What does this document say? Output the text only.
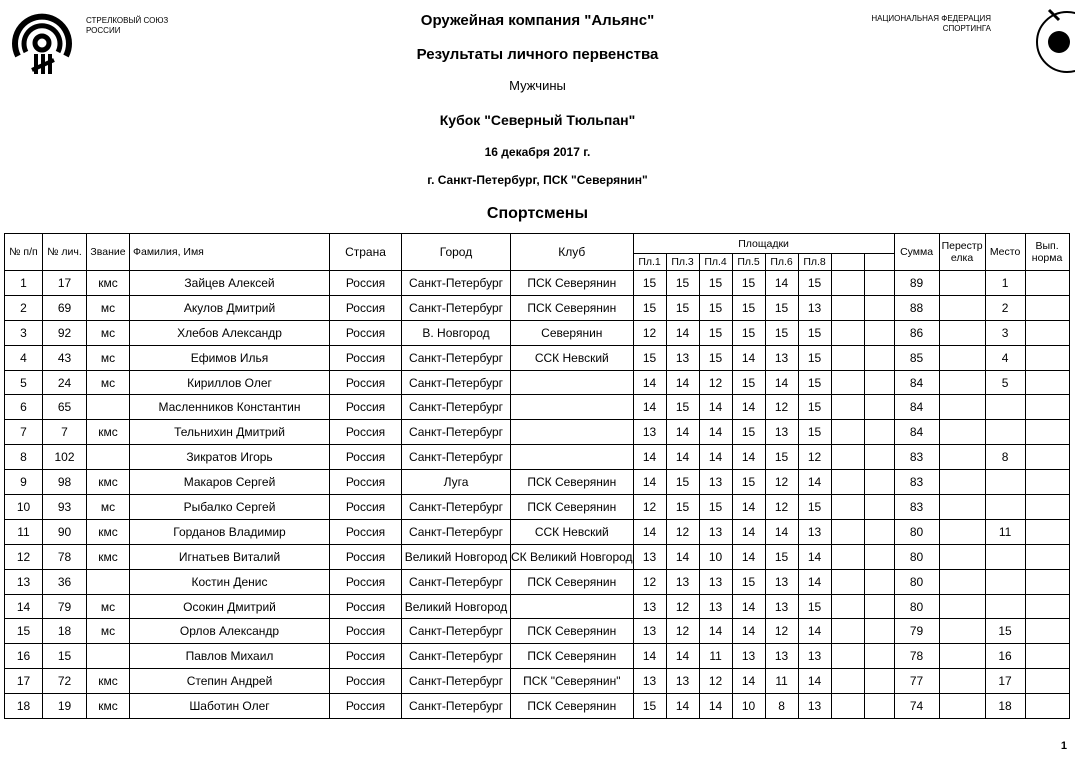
СТРЕЛКОВЫЙ СОЮЗ
РОССИИ
НАЦИОНАЛЬНАЯ ФЕДЕРАЦИЯ
СПОРТИНГА
Оружейная компания "Альянс"
Результаты личного первенства
Мужчины
Кубок "Северный Тюльпан"
16 декабря 2017 г.
г. Санкт-Петербург, ПСК "Северянин"
Спортсмены
№ п/п	№ лич.	Звание	Фамилия, Имя	Страна	Город	Клуб	Площадки								Сумма	Перестрелка	Место	Вып. норма
							Пл.1	Пл.3	Пл.4	Пл.5	Пл.6	Пл.8						
1	17	кмс	Зайцев Алексей	Россия	Санкт-Петербург	ПСК Северянин	15	15	15	15	14	15			89		1	
2	69	мс	Акулов Дмитрий	Россия	Санкт-Петербург	ПСК Северянин	15	15	15	15	15	13			88		2	
3	92	мс	Хлебов Александр	Россия	В. Новгород	Северянин	12	14	15	15	15	15			86		3	
4	43	мс	Ефимов Илья	Россия	Санкт-Петербург	ССК Невский	15	13	15	14	13	15			85		4	
5	24	мс	Кириллов Олег	Россия	Санкт-Петербург		14	14	12	15	14	15			84		5	
6	65		Масленников Константин	Россия	Санкт-Петербург		14	15	14	14	12	15			84			
7	7	кмс	Тельнихин Дмитрий	Россия	Санкт-Петербург		13	14	14	15	13	15			84			
8	102		Зикратов Игорь	Россия	Санкт-Петербург		14	14	14	14	15	12			83		8	
9	98	кмс	Макаров Сергей	Россия	Луга	ПСК Северянин	14	15	13	15	12	14			83			
10	93	мс	Рыбалко Сергей	Россия	Санкт-Петербург	ПСК Северянин	12	15	15	14	12	15			83			
11	90	кмс	Горданов Владимир	Россия	Санкт-Петербург	ССК Невский	14	12	13	14	14	13			80		11	
12	78	кмс	Игнатьев Виталий	Россия	Великий Новгород	СК Великий Новгород	13	14	10	14	15	14			80			
13	36		Костин Денис	Россия	Санкт-Петербург	ПСК Северянин	12	13	13	15	13	14			80			
14	79	мс	Осокин Дмитрий	Россия	Великий Новгород		13	12	13	14	13	15			80			
15	18	мс	Орлов Александр	Россия	Санкт-Петербург	ПСК Северянин	13	12	14	14	12	14			79		15	
16	15		Павлов Михаил	Россия	Санкт-Петербург	ПСК Северянин	14	14	11	13	13	13			78		16	
17	72	кмс	Степин Андрей	Россия	Санкт-Петербург	ПСК "Северянин"	13	13	12	14	11	14			77		17	
18	19	кмс	Шаботин Олег	Россия	Санкт-Петербург	ПСК Северянин	15	14	14	10	8	13			74		18	
1
